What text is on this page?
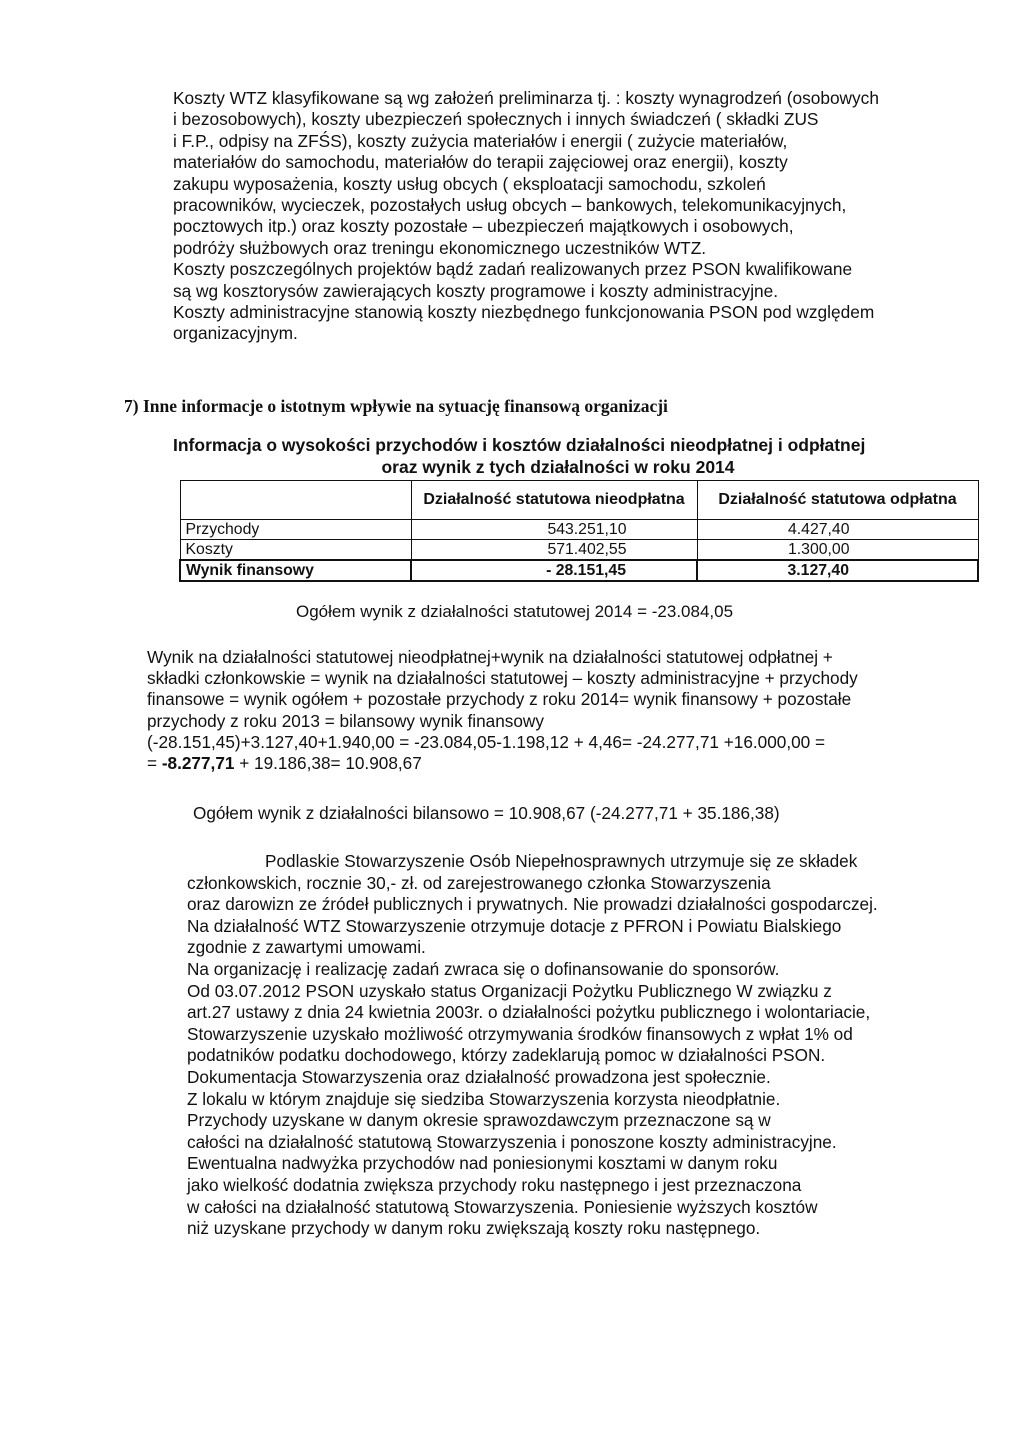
Koszty WTZ klasyfikowane są wg założeń preliminarza tj. : koszty wynagrodzeń (osobowych

i bezosobowych), koszty ubezpieczeń społecznych i innych świadczeń ( składki ZUS

i F.P., odpisy na ZFŚS), koszty zużycia materiałów i energii ( zużycie materiałów,

materiałów do samochodu, materiałów do terapii zajęciowej oraz energii), koszty

zakupu wyposażenia, koszty usług obcych ( eksploatacji samochodu, szkoleń

pracowników, wycieczek, pozostałych usług obcych – bankowych, telekomunikacyjnych,

pocztowych itp.) oraz koszty pozostałe – ubezpieczeń majątkowych i osobowych,

podróży służbowych oraz treningu ekonomicznego uczestników WTZ.

Koszty poszczególnych projektów bądź zadań realizowanych przez PSON kwalifikowane

są wg kosztorysów zawierających koszty programowe i koszty administracyjne.

Koszty administracyjne stanowią koszty niezbędnego funkcjonowania PSON pod względem

organizacyjnym.

7) Inne informacje o istotnym wpływie na sytuację finansową organizacji
Informacja o wysokości przychodów i kosztów działalności nieodpłatnej i odpłatnej
oraz wynik z tych działalności w roku 2014
	Działalność statutowa nieodpłatna	Działalność statutowa odpłatna
Przychody	543.251,10	4.427,40
Koszty	571.402,55	1.300,00
Wynik finansowy	- 28.151,45	3.127,40
Ogółem wynik z działalności statutowej 2014 = -23.084,05

Wynik na działalności statutowej nieodpłatnej+wynik na działalności statutowej odpłatnej +

składki członkowskie = wynik na działalności statutowej – koszty administracyjne + przychody

finansowe = wynik ogółem + pozostałe przychody z roku 2014= wynik finansowy + pozostałe

przychody z roku 2013 = bilansowy wynik finansowy

(-28.151,45)+3.127,40+1.940,00 = -23.084,05-1.198,12 + 4,46= -24.277,71 +16.000,00 =

= -8.277,71 + 19.186,38= 10.908,67

Ogółem wynik z działalności bilansowo = 10.908,67 (-24.277,71 + 35.186,38)

Podlaskie Stowarzyszenie Osób Niepełnosprawnych utrzymuje się ze składek

członkowskich, rocznie 30,- zł. od zarejestrowanego członka Stowarzyszenia

oraz darowizn ze źródeł publicznych i prywatnych. Nie prowadzi działalności gospodarczej.

Na działalność WTZ Stowarzyszenie otrzymuje dotacje z PFRON i Powiatu Bialskiego

zgodnie z zawartymi umowami.

Na organizację i realizację zadań zwraca się o dofinansowanie do sponsorów.

Od 03.07.2012 PSON uzyskało status Organizacji Pożytku Publicznego W związku z

art.27 ustawy z dnia 24 kwietnia 2003r. o działalności pożytku publicznego i wolontariacie,

Stowarzyszenie uzyskało możliwość otrzymywania środków finansowych z wpłat 1% od

podatników podatku dochodowego, którzy zadeklarują pomoc w działalności PSON.

Dokumentacja Stowarzyszenia oraz działalność prowadzona jest społecznie.

Z lokalu w którym znajduje się siedziba Stowarzyszenia korzysta nieodpłatnie.

Przychody uzyskane w danym okresie sprawozdawczym przeznaczone są w

całości na działalność statutową Stowarzyszenia i ponoszone koszty administracyjne.

Ewentualna nadwyżka przychodów nad poniesionymi kosztami w danym roku

jako wielkość dodatnia zwiększa przychody roku następnego i jest przeznaczona

w całości na działalność statutową Stowarzyszenia. Poniesienie wyższych kosztów

niż uzyskane przychody w danym roku zwiększają koszty roku następnego.
